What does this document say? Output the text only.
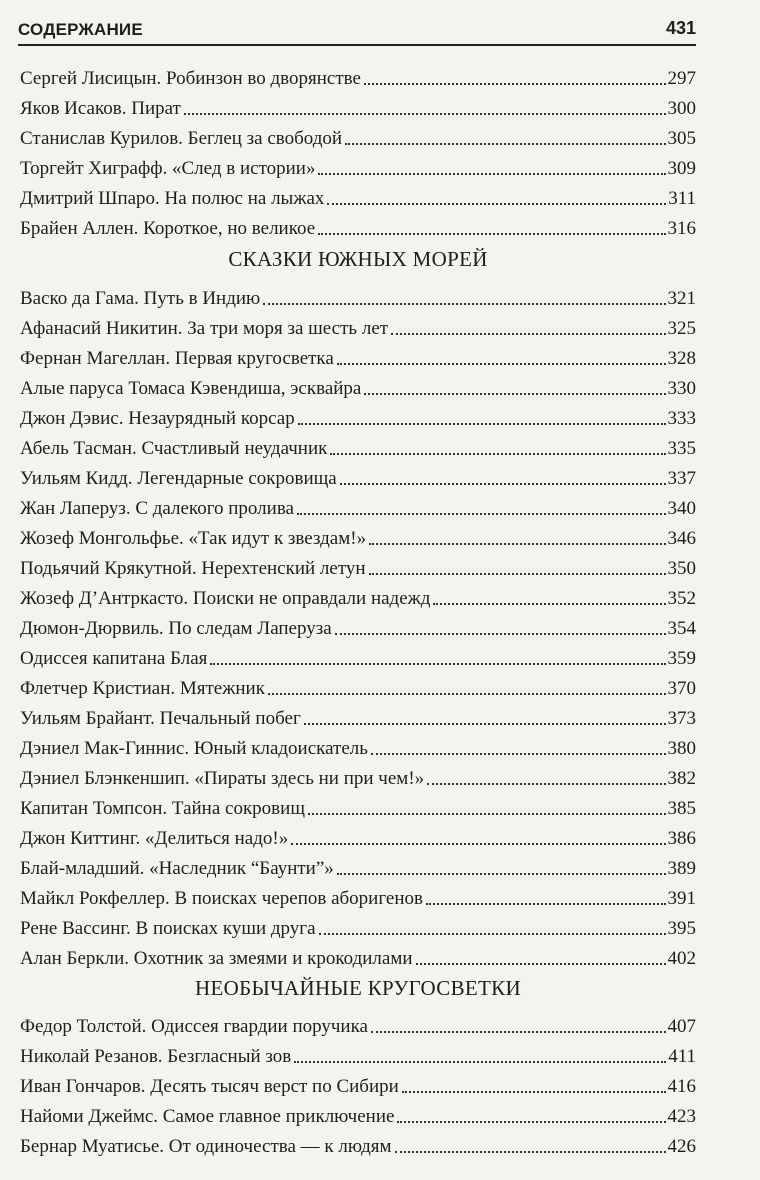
СОДЕРЖАНИЕ	431
Сергей Лисицын. Робинзон во дворянстве	297
Яков Исаков. Пират	300
Станислав Курилов. Беглец за свободой	305
Торгейт Хиграфф. «След в истории»	309
Дмитрий Шпаро. На полюс на лыжах	311
Брайен Аллен. Короткое, но великое	316
СКАЗКИ ЮЖНЫХ МОРЕЙ
Васко да Гама. Путь в Индию	321
Афанасий Никитин. За три моря за шесть лет	325
Фернан Магеллан. Первая кругосветка	328
Алые паруса Томаса Кэвендиша, эсквайра	330
Джон Дэвис. Незаурядный корсар	333
Абель Тасман. Счастливый неудачник	335
Уильям Кидд. Легендарные сокровища	337
Жан Лаперуз. С далекого пролива	340
Жозеф Монгольфье. «Так идут к звездам!»	346
Подьячий Крякутной. Нерехтенский летун	350
Жозеф Д’Антркасто. Поиски не оправдали надежд	352
Дюмон-Дюрвиль. По следам Лаперуза	354
Одиссея капитана Блая	359
Флетчер Кристиан. Мятежник	370
Уильям Брайант. Печальный побег	373
Дэниел Мак-Гиннис. Юный кладоискатель	380
Дэниел Блэнкеншип. «Пираты здесь ни при чем!»	382
Капитан Томпсон. Тайна сокровищ	385
Джон Киттинг. «Делиться надо!»	386
Блай-младший. «Наследник “Баунти”»	389
Майкл Рокфеллер. В поисках черепов аборигенов	391
Рене Вассинг. В поисках куши друга	395
Алан Беркли. Охотник за змеями и крокодилами	402
НЕОБЫЧАЙНЫЕ КРУГОСВЕТКИ
Федор Толстой. Одиссея гвардии поручика	407
Николай Резанов. Безгласный зов	411
Иван Гончаров. Десять тысяч верст по Сибири	416
Найоми Джеймс. Самое главное приключение	423
Бернар Муатисье. От одиночества — к людям	426
